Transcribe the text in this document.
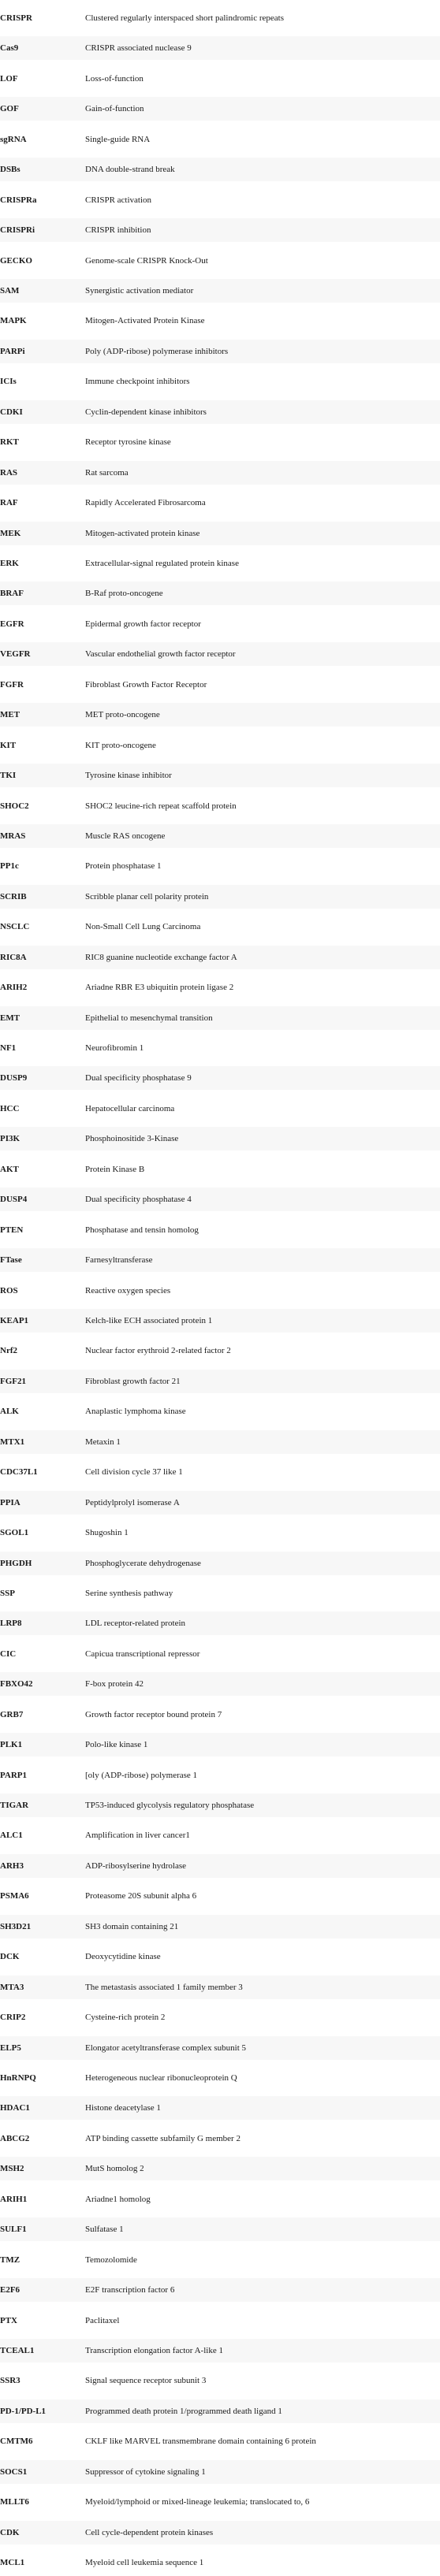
CRISPR	Clustered regularly interspaced short palindromic repeats
Cas9	CRISPR associated nuclease 9
LOF	Loss-of-function
GOF	Gain-of-function
sgRNA	Single-guide RNA
DSBs	DNA double-strand break
CRISPRa	CRISPR activation
CRISPRi	CRISPR inhibition
GECKO	Genome-scale CRISPR Knock-Out
SAM	Synergistic activation mediator
MAPK	Mitogen-Activated Protein Kinase
PARPi	Poly (ADP-ribose) polymerase inhibitors
ICIs	Immune checkpoint inhibitors
CDKI	Cyclin-dependent kinase inhibitors
RKT	Receptor tyrosine kinase
RAS	Rat sarcoma
RAF	Rapidly Accelerated Fibrosarcoma
MEK	Mitogen-activated protein kinase
ERK	Extracellular-signal regulated protein kinase
BRAF	B-Raf proto-oncogene
EGFR	Epidermal growth factor receptor
VEGFR	Vascular endothelial growth factor receptor
FGFR	Fibroblast Growth Factor Receptor
MET	MET proto-oncogene
KIT	KIT proto-oncogene
TKI	Tyrosine kinase inhibitor
SHOC2	SHOC2 leucine-rich repeat scaffold protein
MRAS	Muscle RAS oncogene
PP1c	Protein phosphatase 1
SCRIB	Scribble planar cell polarity protein
NSCLC	Non-Small Cell Lung Carcinoma
RIC8A	RIC8 guanine nucleotide exchange factor A
ARIH2	Ariadne RBR E3 ubiquitin protein ligase 2
EMT	Epithelial to mesenchymal transition
NF1	Neurofibromin 1
DUSP9	Dual specificity phosphatase 9
HCC	Hepatocellular carcinoma
PI3K	Phosphoinositide 3-Kinase
AKT	Protein Kinase B
DUSP4	Dual specificity phosphatase 4
PTEN	Phosphatase and tensin homolog
FTase	Farnesyltransferase
ROS	Reactive oxygen species
KEAP1	Kelch-like ECH associated protein 1
Nrf2	Nuclear factor erythroid 2-related factor 2
FGF21	Fibroblast growth factor 21
ALK	Anaplastic lymphoma kinase
MTX1	Metaxin 1
CDC37L1	Cell division cycle 37 like 1
PPIA	Peptidylprolyl isomerase A
SGOL1	Shugoshin 1
PHGDH	Phosphoglycerate dehydrogenase
SSP	Serine synthesis pathway
LRP8	LDL receptor-related protein
CIC	Capicua transcriptional repressor
FBXO42	F-box protein 42
GRB7	Growth factor receptor bound protein 7
PLK1	Polo-like kinase 1
PARP1	[oly (ADP-ribose) polymerase 1
TIGAR	TP53-induced glycolysis regulatory phosphatase
ALC1	Amplification in liver cancer1
ARH3	ADP-ribosylserine hydrolase
PSMA6	Proteasome 20S subunit alpha 6
SH3D21	SH3 domain containing 21
DCK	Deoxycytidine kinase
MTA3	The metastasis associated 1 family member 3
CRIP2	Cysteine-rich protein 2
ELP5	Elongator acetyltransferase complex subunit 5
HnRNPQ	Heterogeneous nuclear ribonucleoprotein Q
HDAC1	Histone deacetylase 1
ABCG2	ATP binding cassette subfamily G member 2
MSH2	MutS homolog 2
ARIH1	Ariadne1 homolog
SULF1	Sulfatase 1
TMZ	Temozolomide
E2F6	E2F transcription factor 6
PTX	Paclitaxel
TCEAL1	Transcription elongation factor A-like 1
SSR3	Signal sequence receptor subunit 3
PD-1/PD-L1	Programmed death protein 1/programmed death ligand 1
CMTM6	CKLF like MARVEL transmembrane domain containing 6 protein
SOCS1	Suppressor of cytokine signaling 1
MLLT6	Myeloid/lymphoid or mixed-lineage leukemia; translocated to, 6
CDK	Cell cycle-dependent protein kinases
MCL1	Myeloid cell leukemia sequence 1
